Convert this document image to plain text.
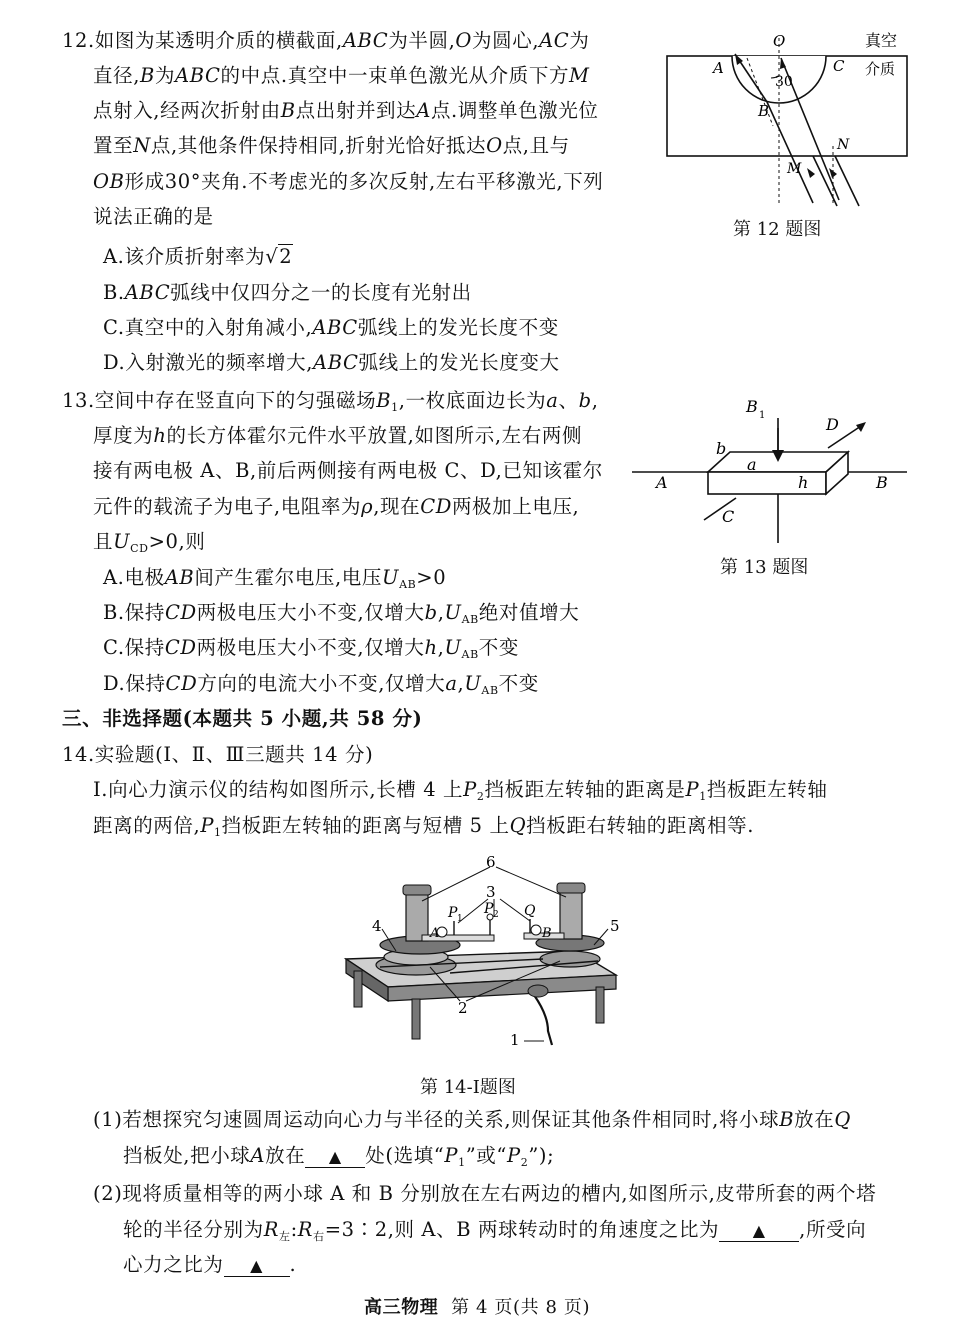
12.如图为某透明介质的横截面,ABC为半圆,O为圆心,AC为
直径,B为ABC的中点.真空中一束单色激光从介质下方M
点射入,经两次折射由B点出射并到达A点.调整单色激光位
置至N点,其他条件保持相同,折射光恰好抵达O点,且与
OB形成30°夹角.不考虑光的多次反射,左右平移激光,下列
说法正确的是
A.该介质折射率为√2
B.ABC弧线中仅四分之一的长度有光射出
C.真空中的入射角减小,ABC弧线上的发光长度不变
D.入射激光的频率增大,ABC弧线上的发光长度变大
O
A	C
B
M
N
30
真空
介质
第 12 题图
13.空间中存在竖直向下的匀强磁场$B_1$,一枚底面边长为a、b,
厚度为h的长方体霍尔元件水平放置,如图所示,左右两侧
接有两电极 A、B,前后两侧接有两电极 C、D,已知该霍尔
元件的载流子为电子,电阻率为ρ,现在CD两极加上电压,
且$U_{CD}>0$,则
A.电极AB间产生霍尔电压,电压$U_{AB}>0$
B.保持CD两极电压大小不变,仅增大$b,U_{AB}$绝对值增大
C.保持CD两极电压大小不变,仅增大$h,U_{AB}$不变
D.保持CD方向的电流大小不变,仅增大$a,U_{AB}$不变
B 1	D
b
a
h
A	B
C
第 13 题图
三、非选择题(本题共 5 小题,共 58 分)
14.实验题(Ⅰ、Ⅱ、Ⅲ三题共 14 分)
Ⅰ.向心力演示仪的结构如图所示,长槽 4 上$P_2$挡板距左转轴的距离是$P_1$挡板距左转轴
距离的两倍$,P_1$挡板距左转轴的距离与短槽 5 上Q挡板距右转轴的距离相等.
6
3
4	5
2
1
P 1
P 2 Q
A	B
第 14-Ⅰ题图
(1)若想探究匀速圆周运动向心力与半径的关系,则保证其他条件相同时,将小球B放在Q
挡板处,把小球A放在 ▲ 处(选填“$P_1$”或“$P_2$”);
(2)现将质量相等的两小球 A 和 B 分别放在左右两边的槽内,如图所示,皮带所套的两个塔
轮的半径分别为$R_左:R_右=3∶2$,则 A、B 两球转动时的角速度之比为 ▲ ,所受向
心力之比为 ▲ .
高三物理 第 4 页(共 8 页)
